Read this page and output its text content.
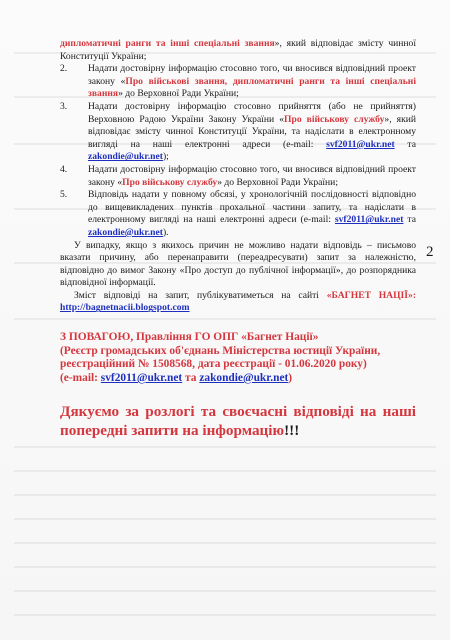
дипломатичні ранги та інші спеціальні звання», який відповідає змісту чинної Конституції України;

2.	Надати достовірну інформацію стосовно того, чи вносився відповідний проект закону «Про військові звання, дипломатичні ранги та інші спеціальні звання» до Верховної Ради України;
3.	Надати достовірну інформацію стосовно прийняття (або не прийняття) Верховною Радою України Закону України «Про військову службу», який відповідає змісту чинної Конституції України, та надіслати в електронному вигляді на наші електронні адреси (e-mail: svf2011@ukr.net та zakondie@ukr.net);
4.	Надати достовірну інформацію стосовно того, чи вносився відповідний проект закону «Про військову службу» до Верховної Ради України;
5.	Відповідь надати у повному обсязі, у хронологічній послідовності відповідно до вищевикладених пунктів прохальної частини запиту, та надіслати в електронному вигляді на наші електронні адреси (e-mail: svf2011@ukr.net та zakondie@ukr.net).

У випадку, якщо з якихось причин не можливо надати відповідь – письмово вказати причину, або перенаправити (переадресувати) запит за належністю, відповідно до вимог Закону «Про доступ до публічної інформації», до розпорядника відповідної інформації.

Зміст відповіді на запит, публікуватиметься на сайті «БАГНЕТ НАЦІЇ»: http://bagnetnacii.blogspot.com

З ПОВАГОЮ, Правління ГО ОПГ «Багнет Нації»
(Реєстр громадських об'єднань Міністерства юстиції України, реєстраційний № 1508568, дата реєстрації - 01.06.2020 року)
(e-mail: svf2011@ukr.net та zakondie@ukr.net)
Дякуємо за розлогі та своєчасні відповіді на наші попередні запити на інформацію!!!
2
